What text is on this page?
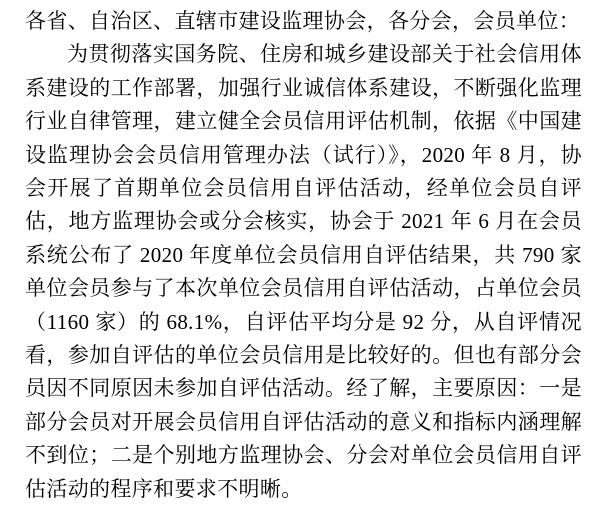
各省、自治区、直辖市建设监理协会，各分会，会员单位：

为贯彻落实国务院、住房和城乡建设部关于社会信用体系建设的工作部署，加强行业诚信体系建设，不断强化监理行业自律管理，建立健全会员信用评估机制，依据《中国建设监理协会会员信用管理办法（试行）》，2020 年 8 月，协会开展了首期单位会员信用自评估活动，经单位会员自评估，地方监理协会或分会核实，协会于 2021 年 6 月在会员系统公布了 2020 年度单位会员信用自评估结果，共 790 家单位会员参与了本次单位会员信用自评估活动，占单位会员（1160 家）的 68.1%，自评估平均分是 92 分，从自评情况看，参加自评估的单位会员信用是比较好的。但也有部分会员因不同原因未参加自评估活动。经了解，主要原因：一是部分会员对开展会员信用自评估活动的意义和指标内涵理解不到位；二是个别地方监理协会、分会对单位会员信用自评估活动的程序和要求不明晰。
